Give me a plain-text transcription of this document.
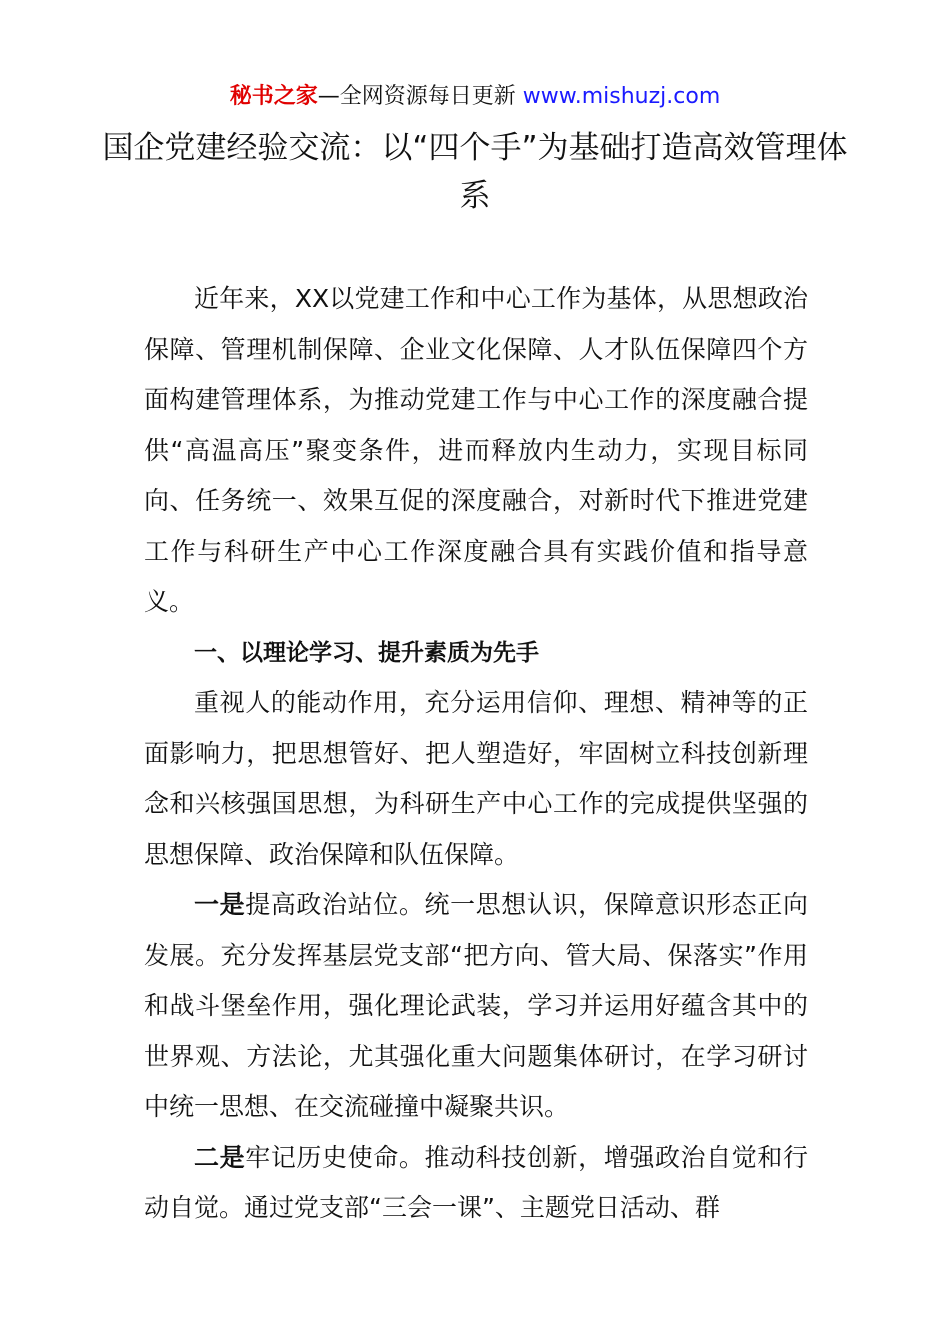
秘书之家—全网资源每日更新 www.mishuzj.com
国企党建经验交流：以“四个手”为基础打造高效管理体系

近年来，XX以党建工作和中心工作为基体，从思想政治保障、管理机制保障、企业文化保障、人才队伍保障四个方面构建管理体系，为推动党建工作与中心工作的深度融合提供“高温高压”聚变条件，进而释放内生动力，实现目标同向、任务统一、效果互促的深度融合，对新时代下推进党建工作与科研生产中心工作深度融合具有实践价值和指导意义。

一、以理论学习、提升素质为先手

重视人的能动作用，充分运用信仰、理想、精神等的正面影响力，把思想管好、把人塑造好，牢固树立科技创新理念和兴核强国思想，为科研生产中心工作的完成提供坚强的思想保障、政治保障和队伍保障。

一是提高政治站位。统一思想认识，保障意识形态正向发展。充分发挥基层党支部“把方向、管大局、保落实”作用和战斗堡垒作用，强化理论武装，学习并运用好蕴含其中的世界观、方法论，尤其强化重大问题集体研讨，在学习研讨中统一思想、在交流碰撞中凝聚共识。

二是牢记历史使命。推动科技创新，增强政治自觉和行动自觉。通过党支部“三会一课”、主题党日活动、群
